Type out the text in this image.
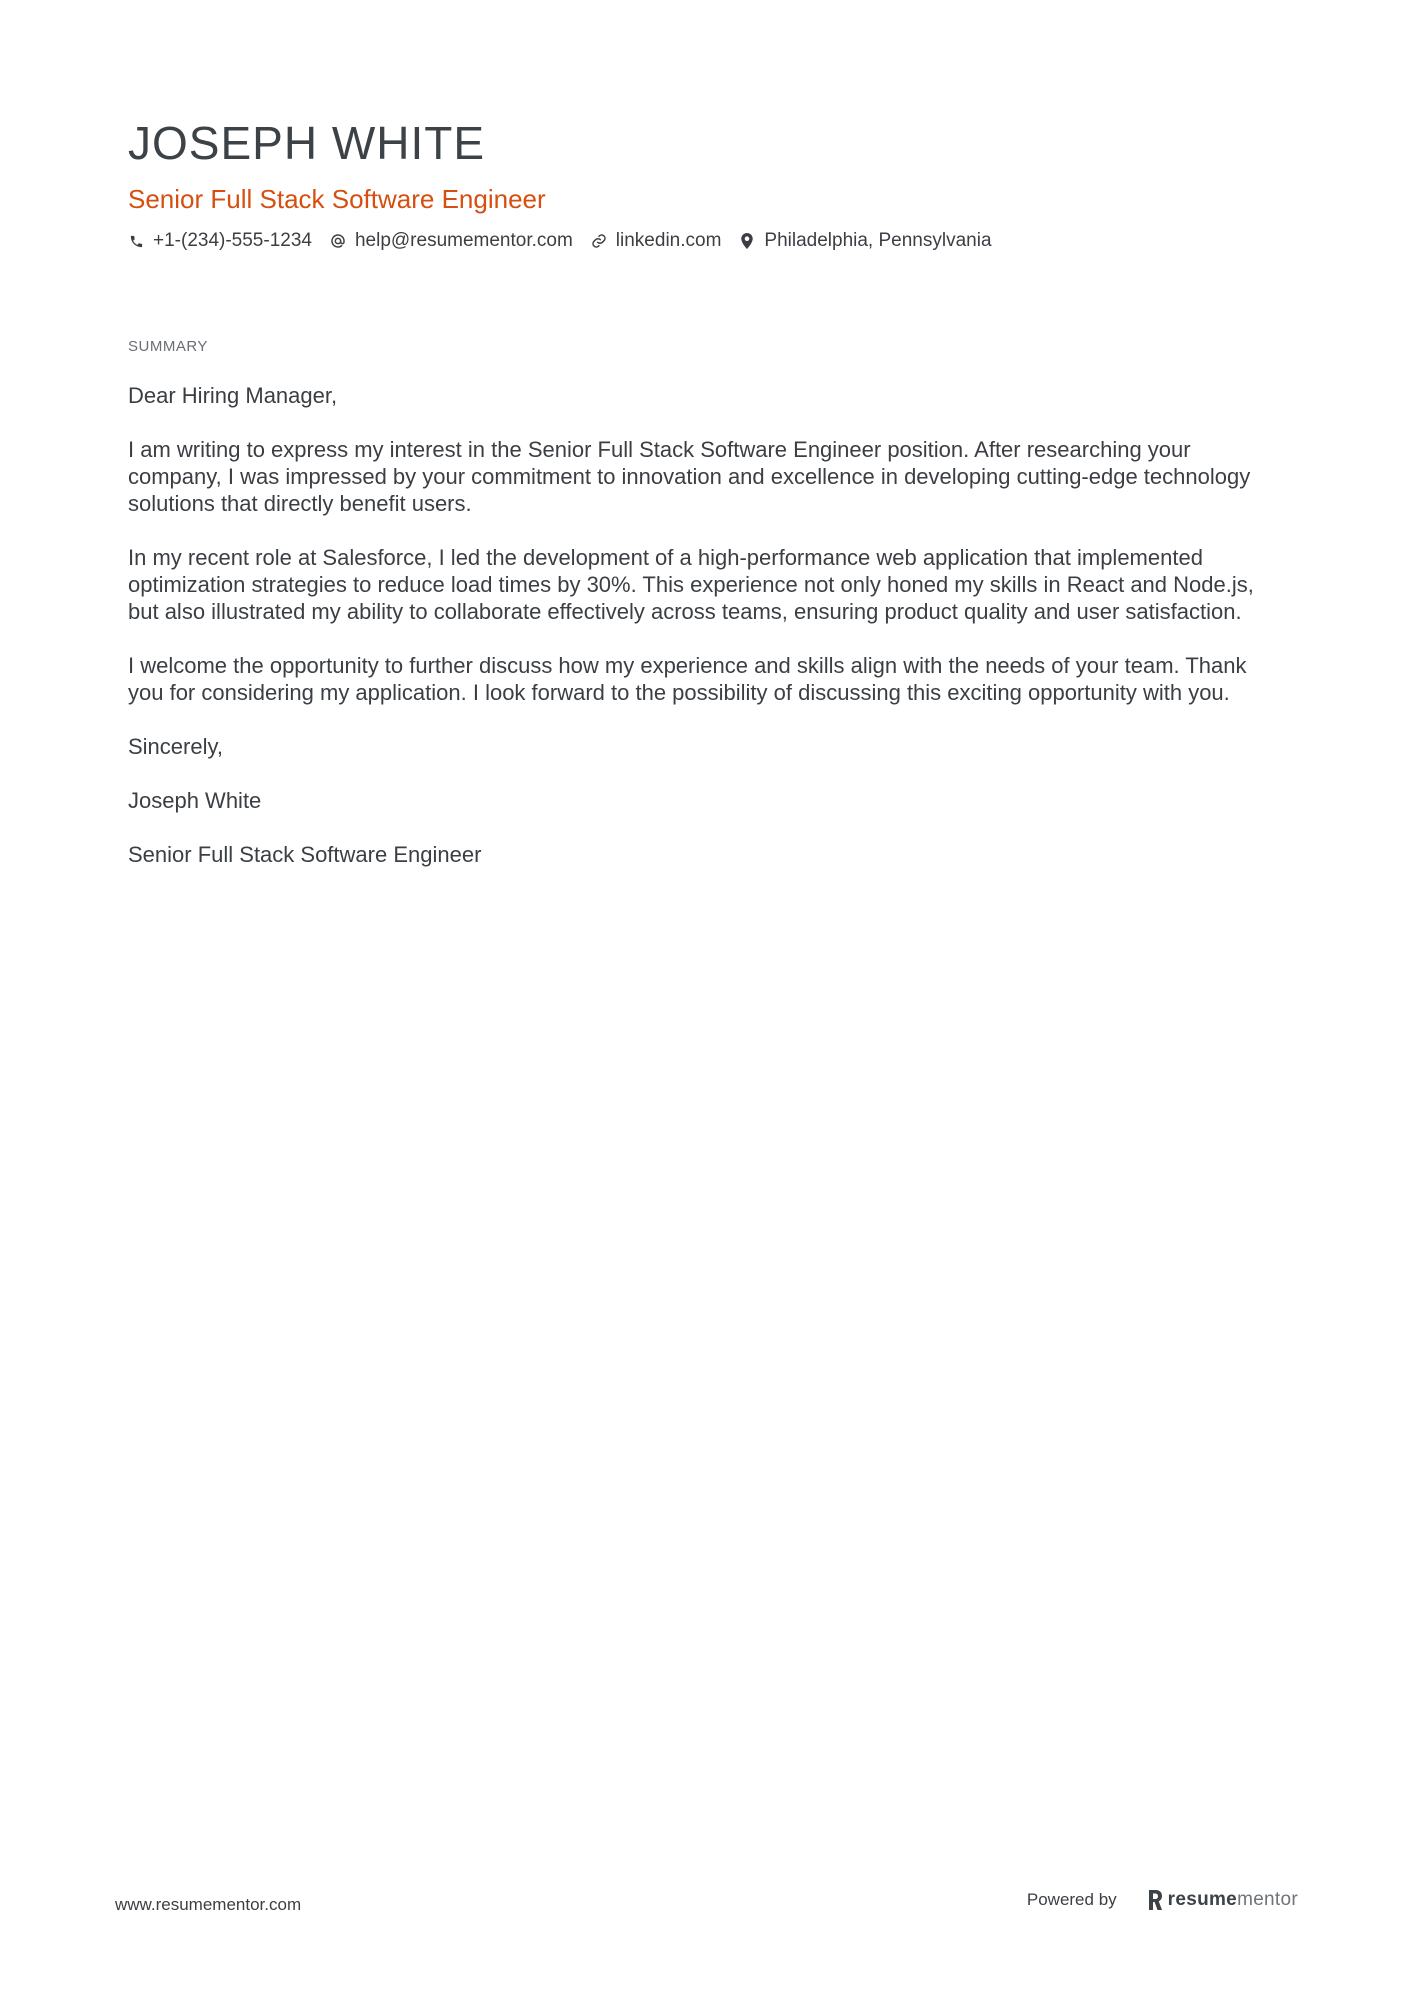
JOSEPH WHITE
Senior Full Stack Software Engineer
+1-(234)-555-1234 help@resumementor.com linkedin.com Philadelphia, Pennsylvania
SUMMARY

Dear Hiring Manager,

I am writing to express my interest in the Senior Full Stack Software Engineer position. After researching your company, I was impressed by your commitment to innovation and excellence in developing cutting-edge technology solutions that directly benefit users.

In my recent role at Salesforce, I led the development of a high-performance web application that implemented optimization strategies to reduce load times by 30%. This experience not only honed my skills in React and Node.js, but also illustrated my ability to collaborate effectively across teams, ensuring product quality and user satisfaction.

I welcome the opportunity to further discuss how my experience and skills align with the needs of your team. Thank you for considering my application. I look forward to the possibility of discussing this exciting opportunity with you.

Sincerely,

Joseph White

Senior Full Stack Software Engineer

www.resumementor.com	Powered by	resume mentor
